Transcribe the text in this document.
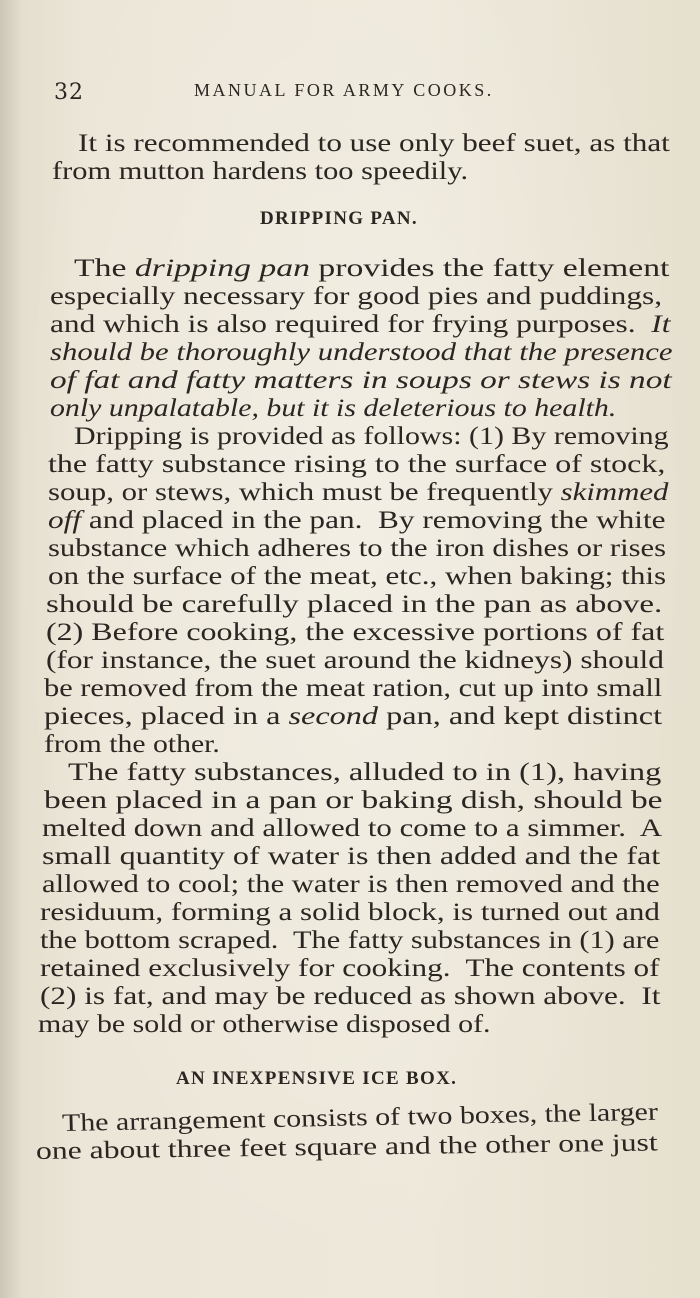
32	MANUAL FOR ARMY COOKS.
DRIPPING PAN.
AN INEXPENSIVE ICE BOX.
It is recommended to use only beef suet, as that
from mutton hardens too speedily.
The dripping pan provides the fatty element
especially necessary for good pies and puddings,
and which is also required for frying purposes.  It
should be thoroughly understood that the presence
of fat and fatty matters in soups or stews is not
only unpalatable, but it is deleterious to health.
Dripping is provided as follows: (1) By removing
the fatty substance rising to the surface of stock,
soup, or stews, which must be frequently skimmed
off and placed in the pan.  By removing the white
substance which adheres to the iron dishes or rises
on the surface of the meat, etc., when baking; this
should be carefully placed in the pan as above.
(2) Before cooking, the excessive portions of fat
(for instance, the suet around the kidneys) should
be removed from the meat ration, cut up into small
pieces, placed in a second pan, and kept distinct
from the other.
The fatty substances, alluded to in (1), having
been placed in a pan or baking dish, should be
melted down and allowed to come to a simmer.  A
small quantity of water is then added and the fat
allowed to cool; the water is then removed and the
residuum, forming a solid block, is turned out and
the bottom scraped.  The fatty substances in (1) are
retained exclusively for cooking.  The contents of
(2) is fat, and may be reduced as shown above.  It
may be sold or otherwise disposed of.
The arrangement consists of two boxes, the larger
one about three feet square and the other one just
